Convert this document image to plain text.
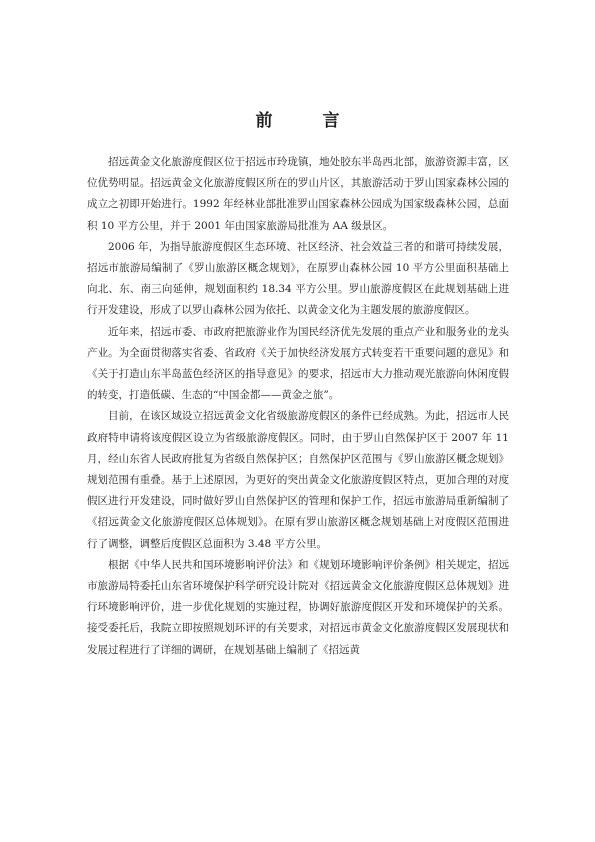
前 言

招远黄金文化旅游度假区位于招远市玲珑镇，地处胶东半岛西北部，旅游资源丰富，区位优势明显。招远黄金文化旅游度假区所在的罗山片区，其旅游活动于罗山国家森林公园的成立之初即开始进行。1992 年经林业部批准罗山国家森林公园成为国家级森林公园，总面积 10 平方公里，并于 2001 年由国家旅游局批准为 AA 级景区。

2006 年，为指导旅游度假区生态环境、社区经济、社会效益三者的和谐可持续发展，招远市旅游局编制了《罗山旅游区概念规划》，在原罗山森林公园 10 平方公里面积基础上向北、东、南三向延伸，规划面积约 18.34 平方公里。罗山旅游度假区在此规划基础上进行开发建设，形成了以罗山森林公园为依托、以黄金文化为主题发展的旅游度假区。

近年来，招远市委、市政府把旅游业作为国民经济优先发展的重点产业和服务业的龙头产业。为全面贯彻落实省委、省政府《关于加快经济发展方式转变若干重要问题的意见》和《关于打造山东半岛蓝色经济区的指导意见》的要求，招远市大力推动观光旅游向休闲度假的转变，打造低碳、生态的“中国金都——黄金之旅”。

目前，在该区域设立招远黄金文化省级旅游度假区的条件已经成熟。为此，招远市人民政府特申请将该度假区设立为省级旅游度假区。同时，由于罗山自然保护区于 2007 年 11 月，经山东省人民政府批复为省级自然保护区；自然保护区范围与《罗山旅游区概念规划》规划范围有重叠。基于上述原因，为更好的突出黄金文化旅游度假区特点，更加合理的对度假区进行开发建设，同时做好罗山自然保护区的管理和保护工作，招远市旅游局重新编制了《招远黄金文化旅游度假区总体规划》。在原有罗山旅游区概念规划基础上对度假区范围进行了调整，调整后度假区总面积为 3.48 平方公里。

根据《中华人民共和国环境影响评价法》和《规划环境影响评价条例》相关规定，招远市旅游局特委托山东省环境保护科学研究设计院对《招远黄金文化旅游度假区总体规划》进行环境影响评价，进一步优化规划的实施过程，协调好旅游度假区开发和环境保护的关系。接受委托后，我院立即按照规划环评的有关要求，对招远市黄金文化旅游度假区发展现状和发展过程进行了详细的调研，在规划基础上编制了《招远黄
